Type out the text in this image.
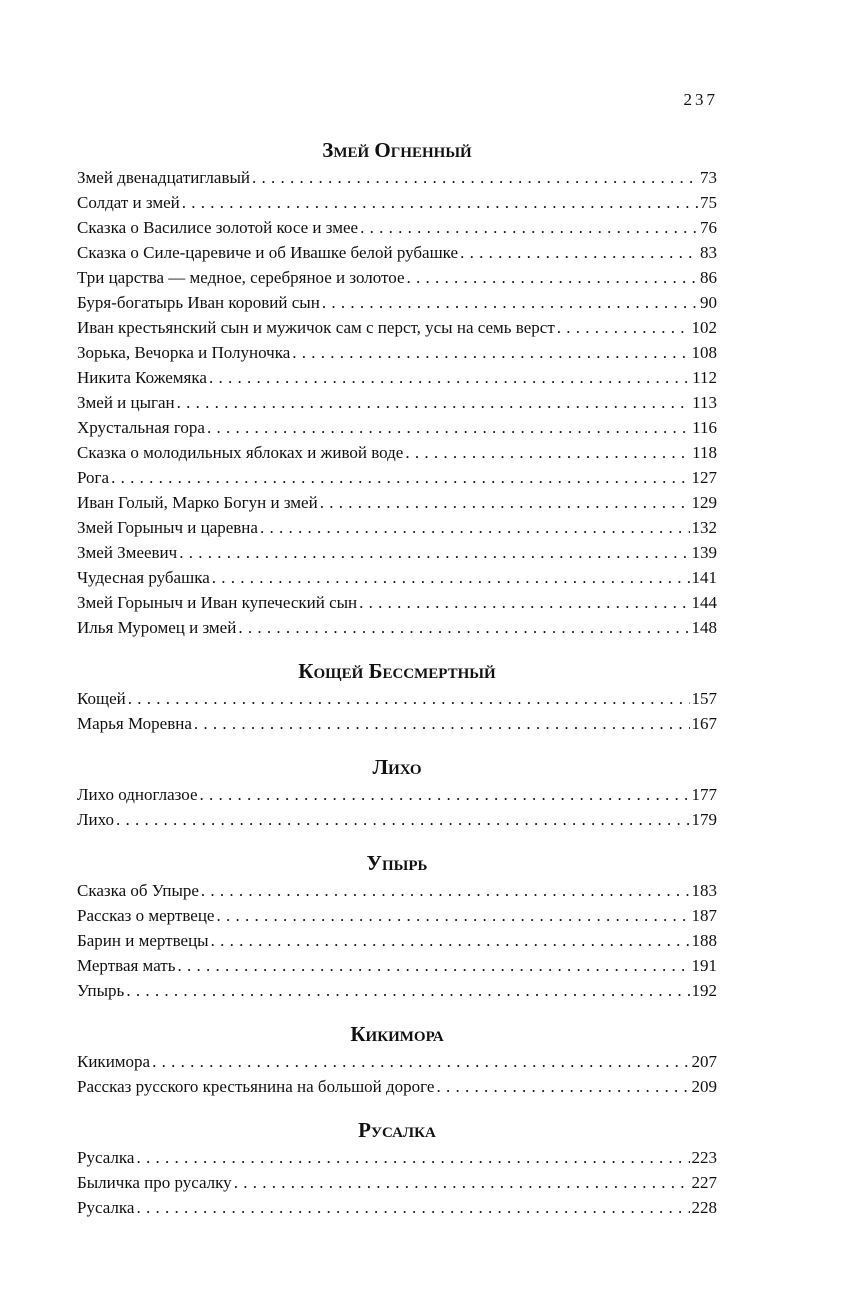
237
Змей Огненный
Змей двенадцатиглавый . . .	73
Солдат и змей . . .	75
Сказка о Василисе золотой косе и змее . . .	76
Сказка о Силе-царевиче и об Ивашке белой рубашке . . .	83
Три царства — медное, серебряное и золотое . . .	86
Буря-богатырь Иван коровий сын . . .	90
Иван крестьянский сын и мужичок сам с перст, усы на семь верст . . .	102
Зорька, Вечорка и Полуночка . . .	108
Никита Кожемяка . . .	112
Змей и цыган . . .	113
Хрустальная гора . . .	116
Сказка о молодильных яблоках и живой воде . . .	118
Рога . . .	127
Иван Голый, Марко Богун и змей . . .	129
Змей Горыныч и царевна . . .	132
Змей Змеевич . . .	139
Чудесная рубашка . . .	141
Змей Горыныч и Иван купеческий сын . . .	144
Илья Муромец и змей . . .	148
Кощей Бессмертный
Кощей . . .	157
Марья Моревна . . .	167
Лихо
Лихо одноглазое . . .	177
Лихо . . .	179
Упырь
Сказка об Упыре . . .	183
Рассказ о мертвеце . . .	187
Барин и мертвецы . . .	188
Мертвая мать . . .	191
Упырь . . .	192
Кикимора
Кикимора . . .	207
Рассказ русского крестьянина на большой дороге . . .	209
Русалка
Русалка . . .	223
Быличка про русалку . . .	227
Русалка . . .	228
